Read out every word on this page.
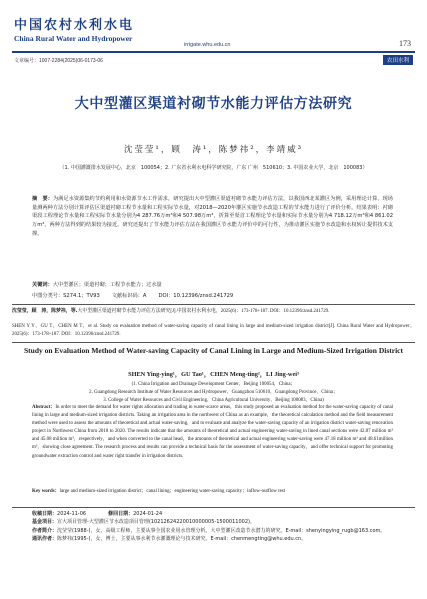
中国农村水利水电
China Rural Water and Hydropower
irrigate.whu.edu.cn	173
文章编号：1007-2284(2025)06-0173-06	农田水利
大中型灌区渠道衬砌节水能力评估方法研究
沈莹莹¹，顾　涛¹，陈梦祎²，李靖威³
（1. 中国灌溉排水发展中心，北京　100054；2. 广东省水利水电科学研究院，广东 广州　510610；3. 中国农业大学，北京　100083）
摘　要：为满足水资源集约节约利用和水资源节水工作需求，研究提出大中型灌区渠道衬砌节水能力评估方法，以我国西北某灌区为例，采用理论计算、现场量测两种方法分别计算评估区渠道衬砌工程节水量和工程实际节水量，对2018—2020年灌区实施节水改造工程的节水能力进行了评价分析。结果表明：衬砌渠段工程理论节水量和工程实际节水量分别为4 287.76万m³和4 507.98万m³，折算至渠首工程理论节水量和实际节水量分别为4 718.12万m³和4 861.02万m³，两种方法得到的结果较为接近。研究还提出了节水能力评估方法在我国灌区节水能力评价中的可行性，为推动灌区实施节水改造和水权转让提供技术支撑。
关键词：大中型灌区；渠道衬砌；工程节水能力；过水量
中图分类号：S274.1；TV93 文献标识码：A DOI：10.12396/znsd.241729
沈莹莹，顾　涛，陈梦祎，等.大中型灌区渠道衬砌节水能力评估方法研究[J].中国农村水利水电，2025(6)：173-178+187. DOI：10.12396/znsd.241729.
SHEN Y Y，GU T，CHEN M T，et al. Study on evaluation method of water-saving capacity of canal lining in large and medium-sized irrigation district[J]. China Rural Water and Hydropower，2025(6)：173-178+187. DOI：10.12396/znsd.241729.
Study on Evaluation Method of Water-saving Capacity of Canal Lining in Large and Medium-Sized Irrigation District
SHEN Ying-ying¹，GU Tao¹，CHEN Meng-ting²，LI Jing-wei³
(1. China Irrigation and Drainage Development Center，Beijing 100054，China；
2. Guangdong Research Institute of Water Resources and Hydropower，Guangzhou 510610，Guangdong Province，China；
3. College of Water Resources and Civil Engineering，China Agricultural University，Beijing 100083，China)
Abstract：In order to meet the demand for water rights allocation and trading in water-scarce areas，this study proposed an evaluation method for the water-saving capacity of canal lining in large and medium-sized irrigation districts. Taking an irrigation area in the northwest of China as an example，the theoretical calculation method and the field measurement method were used to assess the amounts of theoretical and actual water-saving，and to evaluate and analyze the water-saving capacity of an irrigation district water-saving renovation project in Northwest China from 2018 to 2020. The results indicate that the amounts of theoretical and actual engineering water-saving in lined canal sections were 42.87 million m³ and 45.08 million m³，respectively，and when converted to the canal head，the amounts of theoretical and actual engineering water-saving were 47.18 million m³ and 48.61million m³，showing close agreement. The research process and results can provide a technical basis for the assessment of water-saving capacity，and offer technical support for promoting groundwater extraction control and water right transfer in irrigation districts.
Key words：large and medium-sized irrigation district；canal lining；engineering water-saving capacity；inflow-outflow test
收稿日期：2024-11-06	修回日期：2024-01-24
基金项目：宣大项目管理-大型灌区节水改造项目管理(10212624220010000005-1500011002)。
作者简介：沈莹莹(1988-)，女，高级工程师，主要从事全国农业用水管理分析、大中型灌区改造节水潜力的研究。E-mail：shenyingying_rugb@163.com。
通讯作者：陈梦祎(1995-)，女，博士，主要从事水利节水灌溉理论与技术研究。E-mail：chenmengting@whu.edu.cn。
